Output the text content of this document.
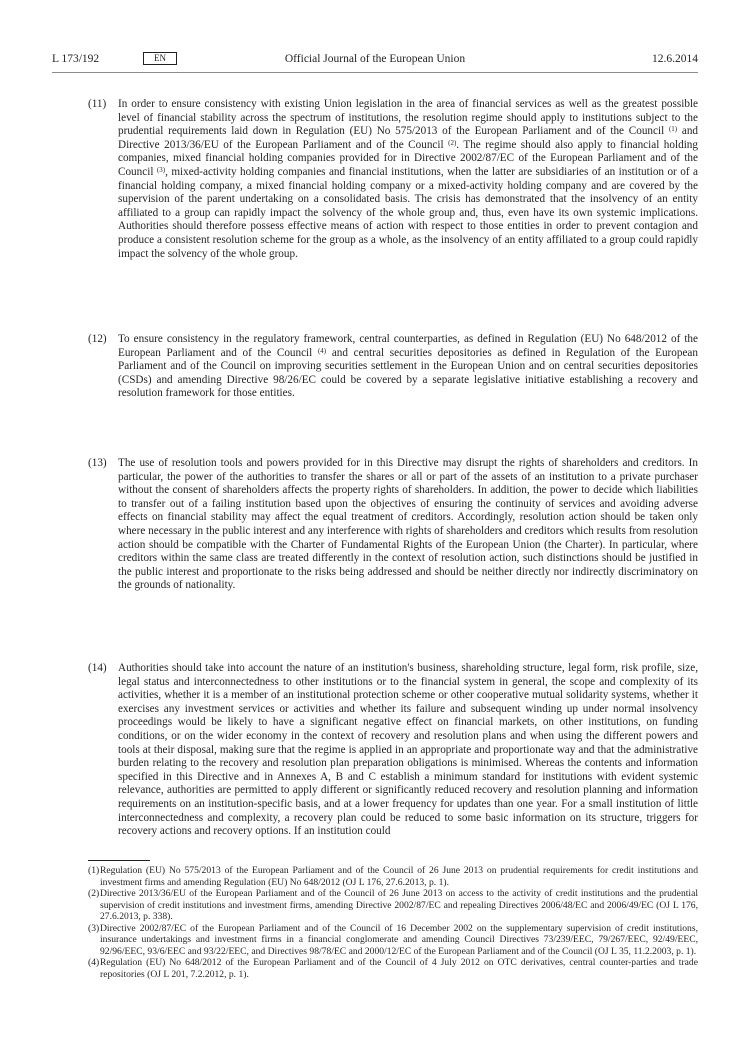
L 173/192	EN	Official Journal of the European Union	12.6.2014
(11) In order to ensure consistency with existing Union legislation in the area of financial services as well as the greatest possible level of financial stability across the spectrum of institutions, the resolution regime should apply to institutions subject to the prudential requirements laid down in Regulation (EU) No 575/2013 of the European Parliament and of the Council $^{(1)}$ and Directive 2013/36/EU of the European Parliament and of the Council $^{(2)}$. The regime should also apply to financial holding companies, mixed financial holding companies provided for in Directive 2002/87/EC of the European Parliament and of the Council $^{(3)}$, mixed-activity holding companies and financial institutions, when the latter are subsidiaries of an institution or of a financial holding company, a mixed financial holding company or a mixed-activity holding company and are covered by the supervision of the parent undertaking on a consolidated basis. The crisis has demonstrated that the insolvency of an entity affiliated to a group can rapidly impact the solvency of the whole group and, thus, even have its own systemic implications. Authorities should therefore possess effective means of action with respect to those entities in order to prevent contagion and produce a consistent resolution scheme for the group as a whole, as the insolvency of an entity affiliated to a group could rapidly impact the solvency of the whole group.
(12) To ensure consistency in the regulatory framework, central counterparties, as defined in Regulation (EU) No 648/2012 of the European Parliament and of the Council $^{(4)}$ and central securities depositories as defined in Regulation of the European Parliament and of the Council on improving securities settlement in the European Union and on central securities depositories (CSDs) and amending Directive 98/26/EC could be covered by a separate legislative initiative establishing a recovery and resolution framework for those entities.
(13) The use of resolution tools and powers provided for in this Directive may disrupt the rights of shareholders and creditors. In particular, the power of the authorities to transfer the shares or all or part of the assets of an institution to a private purchaser without the consent of shareholders affects the property rights of shareholders. In addition, the power to decide which liabilities to transfer out of a failing institution based upon the objectives of ensuring the continuity of services and avoiding adverse effects on financial stability may affect the equal treatment of creditors. Accordingly, resolution action should be taken only where necessary in the public interest and any interference with rights of shareholders and creditors which results from resolution action should be compatible with the Charter of Fundamental Rights of the European Union (the Charter). In particular, where creditors within the same class are treated differently in the context of resolution action, such distinctions should be justified in the public interest and proportionate to the risks being addressed and should be neither directly nor indirectly discriminatory on the grounds of nationality.
(14) Authorities should take into account the nature of an institution's business, shareholding structure, legal form, risk profile, size, legal status and interconnectedness to other institutions or to the financial system in general, the scope and complexity of its activities, whether it is a member of an institutional protection scheme or other cooperative mutual solidarity systems, whether it exercises any investment services or activities and whether its failure and subsequent winding up under normal insolvency proceedings would be likely to have a significant negative effect on financial markets, on other institutions, on funding conditions, or on the wider economy in the context of recovery and resolution plans and when using the different powers and tools at their disposal, making sure that the regime is applied in an appropriate and proportionate way and that the administrative burden relating to the recovery and resolution plan preparation obligations is minimised. Whereas the contents and information specified in this Directive and in Annexes A, B and C establish a minimum standard for institutions with evident systemic relevance, authorities are permitted to apply different or significantly reduced recovery and resolution planning and information requirements on an institution-specific basis, and at a lower frequency for updates than one year. For a small institution of little interconnectedness and complexity, a recovery plan could be reduced to some basic information on its structure, triggers for recovery actions and recovery options. If an institution could
(1) Regulation (EU) No 575/2013 of the European Parliament and of the Council of 26 June 2013 on prudential requirements for credit institutions and investment firms and amending Regulation (EU) No 648/2012 (OJ L 176, 27.6.2013, p. 1).
(2) Directive 2013/36/EU of the European Parliament and of the Council of 26 June 2013 on access to the activity of credit institutions and the prudential supervision of credit institutions and investment firms, amending Directive 2002/87/EC and repealing Directives 2006/48/EC and 2006/49/EC (OJ L 176, 27.6.2013, p. 338).
(3) Directive 2002/87/EC of the European Parliament and of the Council of 16 December 2002 on the supplementary supervision of credit institutions, insurance undertakings and investment firms in a financial conglomerate and amending Council Directives 73/239/EEC, 79/267/EEC, 92/49/EEC, 92/96/EEC, 93/6/EEC and 93/22/EEC, and Directives 98/78/EC and 2000/12/EC of the European Parliament and of the Council (OJ L 35, 11.2.2003, p. 1).
(4) Regulation (EU) No 648/2012 of the European Parliament and of the Council of 4 July 2012 on OTC derivatives, central counter-parties and trade repositories (OJ L 201, 7.2.2012, p. 1).
